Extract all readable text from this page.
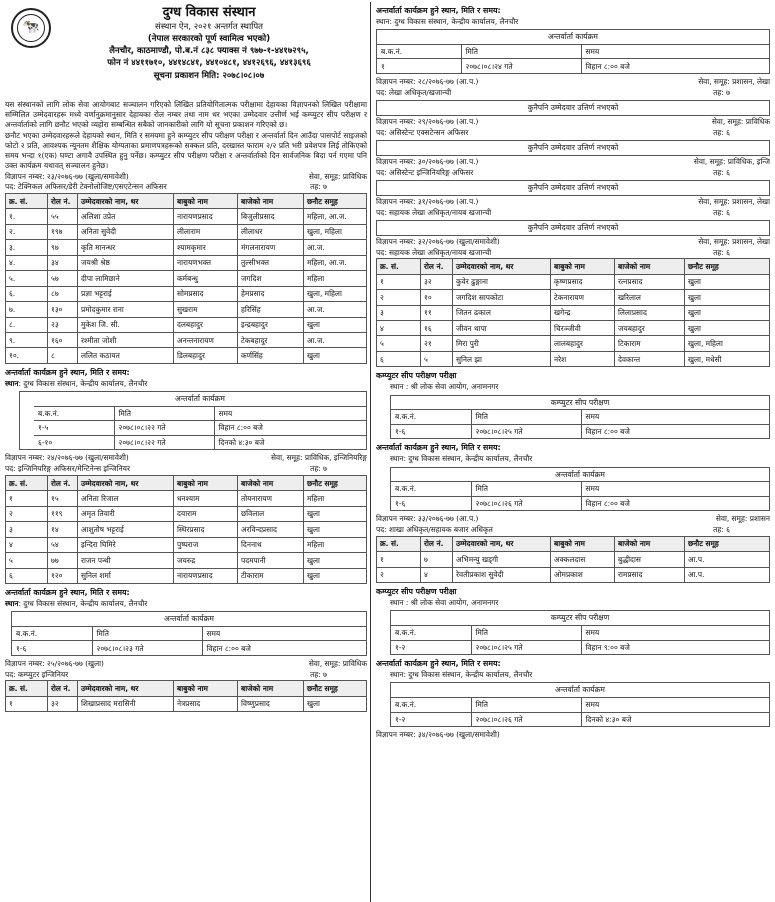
🐄
दुग्ध विकास संस्थान
संस्थान ऐन, २०२१ अन्तर्गत स्थापित
(नेपाल सरकारको पूर्ण स्वामित्व भएको)
लैनचौर, काठमाण्डौ, पो.ब.नं ८३८ फ्याक्स नं ९७७-१-४४१७२९५,
फोन नं ४४११७१०, ४४१४८४१, ४४१०४८१, ४४१२६९६, ४४१३६९६
सूचना प्रकाशन मिति: २०७८।०८।०७

यस संस्थानको लागि लोक सेवा आयोगबाट सञ्चालन गरिएको लिखित प्रतियोगितात्मक परीक्षामा देहायका विज्ञापनको लिखित परीक्षामा सम्मिलित उम्मेदवारहरू मध्ये वर्णानुक्रमानुसार देहायका रोल नम्बर तथा नाम थर भएका उम्मेदवार उत्तीर्ण भई कम्प्युटर सीप परीक्षण र अन्तर्वार्ताको लागि छनौट भएको व्यहोरा सम्बन्धित सबैको जानकारीको लागि यो सूचना प्रकाशन गरिएको छ।

छनौट भएका उम्मेदवारहरूले देहायको स्थान, मिति र समयमा हुने कम्प्युटर सीप परीक्षण परीक्षा र अन्तर्वार्ता दिन आउँदा पासपोर्ट साइजको फोटो २ प्रति, आवश्यक न्यूनतम शैक्षिक योग्यताका प्रमाणपत्रहरूको सक्कल प्रति, दरखास्त फाराम २/२ प्रति भरी प्रवेशपत्र लिई तोकिएको समय भन्दा १(एक) घण्टा अगावै उपस्थित हुनु पर्नेछ। कम्प्युटर सीप परीक्षण परीक्षा र अन्तर्वार्ताको दिन सार्वजनिक बिदा पर्न गएमा पनि उक्त कार्यक्रम यथावत् सञ्चालन हुनेछ।

विज्ञापन नम्बर: २३/२०७६-७७ (खुला/समावेशी)	सेवा, समूह: प्राविधिक
पद: टेक्निकल अफिसर/डेरी टेक्नोलोजिष्ट/एसएटेन्सन अफिसर	तह: ७
क्र. सं.	रोल नं.	उम्मेदवारको नाम, थर	बाबुको नाम	बाजेको नाम	छनौट समूह
१.	५५	अलिशा उप्रेत	नारायणप्रसाद	बिजुलीप्रसाद	महिला, आ.ज.
२.	१९७	अनिता सुवेदी	लीलाराम	लीलाधर	खुला, महिला
३.	९७	कृति मानन्धर	श्यामकृमार	मंगलनारायण	आ.ज.
४.	३४	जयश्री श्रेष्ठ	नारायणभक्त	तुल्सीभक्त	महिला, आ.ज.
५.	५७	दीपा लामिछाने	कर्मबन्धु	जगदिश	महिला
६.	८७	प्रज्ञा भट्टराई	सोमप्रसाद	हेमप्रसाद	खुला, महिला
७.	१३०	प्रमोदकुमार राना	सुखराम	हरिसिंह	आ.ज.
८.	२३	मुकेश जि. सी.	दलबहादुर	इन्द्रबहादुर	खुला
९.	१६०	रश्मीता जोशी	अनन्तनारायण	टेकबहादुर	आ.ज.
१०.	८	ललित कठायत	डिलबहादुर	कर्णसिंह	खुला
अन्तर्वार्ता कार्यक्रम हुने स्थान, मिति र समय:
स्थान: दुग्ध विकास संस्थान, केन्द्रीय कार्यालय, लैनचौर
अन्तर्वार्ता कार्यक्रम
ब.क.नं.	मिति	समय
१-५	२०७८।०८।२२ गते	विहान ८:०० बजे
६-१०	२०७८।०८।२२ गते	दिनको ४:३० बजे
विज्ञापन नम्बर: २४/२०७६-७७ (खुला/समावेशी)	सेवा, समूह: प्राविधिक, इन्जिनियरिङ्ग
पद: इन्जिनियरिङ्ग अफिसर/मेन्टिनेन्स इन्जिनियर	तह: ७
क्र. सं.	रोल नं.	उम्मेदवारको नाम, थर	बाबुको नाम	बाजेको नाम	छनौट समूह
१	१५	अनिता रिजाल	धनश्याम	तोयनारायण	महिला
२	११९	अमृत तिवारी	दयाराम	छविलाल	खुला
३	१४	आशुतोष भट्टराई	स्थिरप्रसाद	अरविन्दप्रसाद	खुला
४	५४	इन्दिरा घिमिरे	पुष्पराज	दिननाथ	महिला
५	७७	राजन पन्थी	जयरुद्र	पदमपानी	खुला
६	१२०	सुनिल शर्मा	नारायणप्रसाद	टीकाराम	खुला
अन्तर्वार्ता कार्यक्रम हुने स्थान, मिति र समय:
स्थान: दुग्ध विकास संस्थान, केन्द्रीय कार्यालय, लैनचौर
अन्तर्वार्ता कार्यक्रम
ब.क.नं.	मिति	समय
१-६	२०७८।०८।२३ गते	विहान ८:०० बजे
विज्ञापन नम्बर: २५/२०७६-७७ (खुला)	सेवा, समूह: प्राविधिक
पद: कम्प्युटर इन्जिनियर	तह: ७
क्र. सं.	रोल नं.	उम्मेदवारको नाम, थर	बाबुको नाम	बाजेको नाम	छनौट समूह
१	३२	शिखाप्रसाद मरासिनी	नेत्रप्रसाद	विष्णुप्रसाद	खुला
अन्तर्वार्ता कार्यक्रम हुने स्थान, मिति र समय:
स्थान: दुग्ध विकास संस्थान, केन्द्रीय कार्यालय, लैनचौर
अन्तर्वार्ता कार्यक्रम
ब.क.नं.	मिति	समय
१	२०७८।०८।२४ गते	विहान ८:०० बजे
विज्ञापन नम्बर: २८/२०७६-७७ (आ.प.)	सेवा, समूह: प्रशासन, लेखा
पद: लेखा अधिकृत/खजान्ची	तह: ७
कुनैपनि उम्मेदवार उत्तिर्ण नभएको
विज्ञापन नम्बर: २९/२०७६-७७ (आ.प.)	सेवा, समूह: प्राविधिक
पद: असिस्टेन्ट एक्सटेन्सन अफिसर	तह: ६
कुनैपनि उम्मेदवार उत्तिर्ण नभएको
विज्ञापन नम्बर: ३०/२०७६-७७ (आ.प.)	सेवा, समूह: प्राविधिक, इन्जि
पद: असिस्टेन्ट इन्जिनियरिङ्ग अफिसर	तह: ६
कुनैपनि उम्मेदवार उत्तिर्ण नभएको
विज्ञापन नम्बर: ३१/२०७६-७७ (आ.प.)	सेवा, समूह: प्रशासन, लेखा
पद: सहायक लेखा अधिकृत/नायब खजान्ची	तह: ६
कुनैपनि उम्मेदवार उत्तिर्ण नभएको
विज्ञापन नम्बर: ३२/२०७६-७७ (खुला/समावेशी)	सेवा, समूह: प्रशासन, लेखा
पद: सहायक लेखा अधिकृत/नायब खजान्ची	तह: ६
क्र. सं.	रोल नं.	उम्मेदवारको नाम, थर	बाबुको नाम	बाजेको नाम	छनौट समूह
१	३२	कुवेर ढुङ्गाना	कृष्णप्रसाद	रत्नप्रसाद	खुला
२	१०	जगदिश सापकोटा	टेकनारायण	खरिलाल	खुला
३	११	जितन ढकाल	खगेन्द्र	लिलाप्रसाद	खुला
४	१६	जीवन थापा	चिरञ्जीवी	जयबहादुर	खुला
५	२१	मिरा पुरी	लालबहादुर	टिकाराम	खुला, महिला
६	५	सुनिल झा	नरेश	देवकान्त	खुला, मधेसी
कम्प्युटर सीप परीक्षण परीक्षा
स्थान : श्री लोक सेवा आयोग, अनामनगर
कम्प्युटर सीप परीक्षण
ब.क.नं.	मिति	समय
१-६	२०७८।०८।२५ गते	विहान ८:०० बजे
अन्तर्वार्ता कार्यक्रम हुने स्थान, मिति र समय:
स्थान: दुग्ध विकास संस्थान, केन्द्रीय कार्यालय, लैनचौर
अन्तर्वार्ता कार्यक्रम
ब.क.नं.	मिति	समय
१-६	२०७८।०८।२६ गते	विहान ८:०० बजे
विज्ञापन नम्बर: ३३/२०७६-७७ (आ.प.)	सेवा, समूह: प्रशासन
पद: शाखा अधिकृत/सहायक बजार अधिकृत	तह: ६
क्र. सं.	रोल नं.	उम्मेदवारको नाम, थर	बाबुको नाम	बाजेको नाम	छनौट समूह
१	७	अभिमन्यु खड्गी	अक्कलदास	बुद्धीदास	आ.प.
२	४	रेवतीप्रकाश सुवेदी	ओमप्रकाश	रामप्रसाद	आ.प.
कम्प्युटर सीप परीक्षण परीक्षा
स्थान : श्री लोक सेवा आयोग, अनामनगर
कम्प्युटर सीप परीक्षण
ब.क.नं.	मिति	समय
१-२	२०७८।०८।२५ गते	विहान ९:०० बजे
अन्तर्वार्ता कार्यक्रम हुने स्थान, मिति र समय:
स्थान: दुग्ध विकास संस्थान, केन्द्रीय कार्यालय, लैनचौर
अन्तर्वार्ता कार्यक्रम
ब.क.नं.	मिति	समय
१-२	२०७८।०८।२६ गते	दिनको ४:३० बजे
विज्ञापन नम्बर: ३४/२०७६-७७ (खुला/समावेशी)
